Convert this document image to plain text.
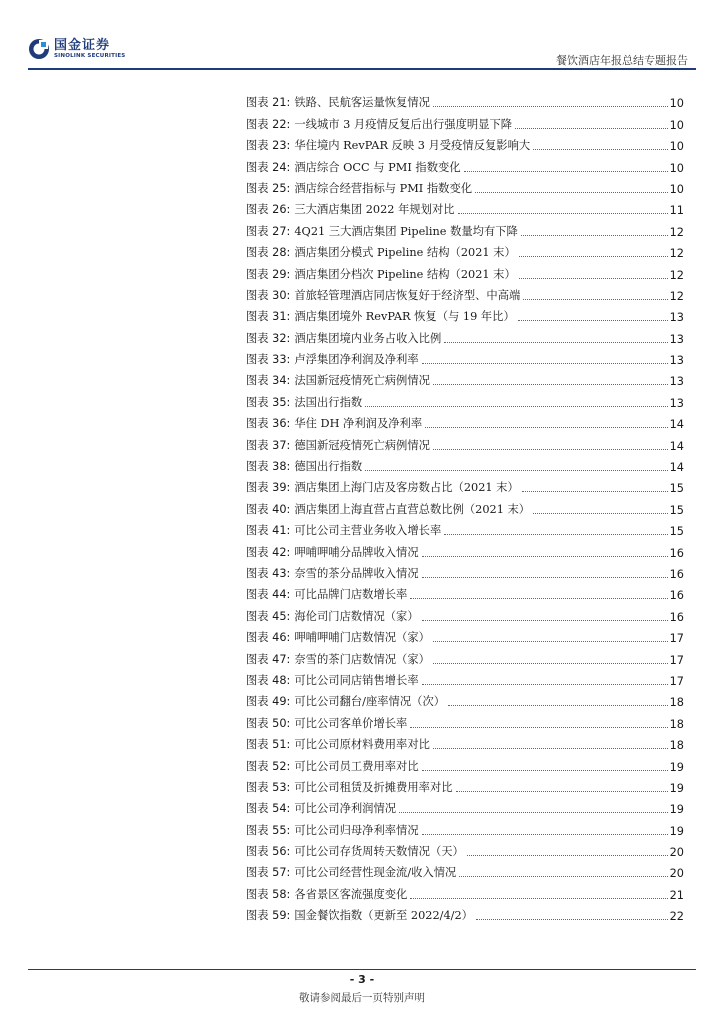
国金证券
SINOLINK SECURITIES	餐饮酒店年报总结专题报告
图表 21: 铁路、民航客运量恢复情况	10
图表 22: 一线城市 3 月疫情反复后出行强度明显下降	10
图表 23: 华住境内 RevPAR 反映 3 月受疫情反复影响大	10
图表 24: 酒店综合 OCC 与 PMI 指数变化	10
图表 25: 酒店综合经营指标与 PMI 指数变化	10
图表 26: 三大酒店集团 2022 年规划对比	11
图表 27: 4Q21 三大酒店集团 Pipeline 数量均有下降	12
图表 28: 酒店集团分模式 Pipeline 结构（2021 末）	12
图表 29: 酒店集团分档次 Pipeline 结构（2021 末）	12
图表 30: 首旅轻管理酒店同店恢复好于经济型、中高端	12
图表 31: 酒店集团境外 RevPAR 恢复（与 19 年比）	13
图表 32: 酒店集团境内业务占收入比例	13
图表 33: 卢浮集团净利润及净利率	13
图表 34: 法国新冠疫情死亡病例情况	13
图表 35: 法国出行指数	13
图表 36: 华住 DH 净利润及净利率	14
图表 37: 德国新冠疫情死亡病例情况	14
图表 38: 德国出行指数	14
图表 39: 酒店集团上海门店及客房数占比（2021 末）	15
图表 40: 酒店集团上海直营占直营总数比例（2021 末）	15
图表 41: 可比公司主营业务收入增长率	15
图表 42: 呷哺呷哺分品牌收入情况	16
图表 43: 奈雪的茶分品牌收入情况	16
图表 44: 可比品牌门店数增长率	16
图表 45: 海伦司门店数情况（家）	16
图表 46: 呷哺呷哺门店数情况（家）	17
图表 47: 奈雪的茶门店数情况（家）	17
图表 48: 可比公司同店销售增长率	17
图表 49: 可比公司翻台/座率情况（次）	18
图表 50: 可比公司客单价增长率	18
图表 51: 可比公司原材料费用率对比	18
图表 52: 可比公司员工费用率对比	19
图表 53: 可比公司租赁及折摊费用率对比	19
图表 54: 可比公司净利润情况	19
图表 55: 可比公司归母净利率情况	19
图表 56: 可比公司存货周转天数情况（天）	20
图表 57: 可比公司经营性现金流/收入情况	20
图表 58: 各省景区客流强度变化	21
图表 59: 国金餐饮指数（更新至 2022/4/2）	22
- 3 -
敬请参阅最后一页特别声明
